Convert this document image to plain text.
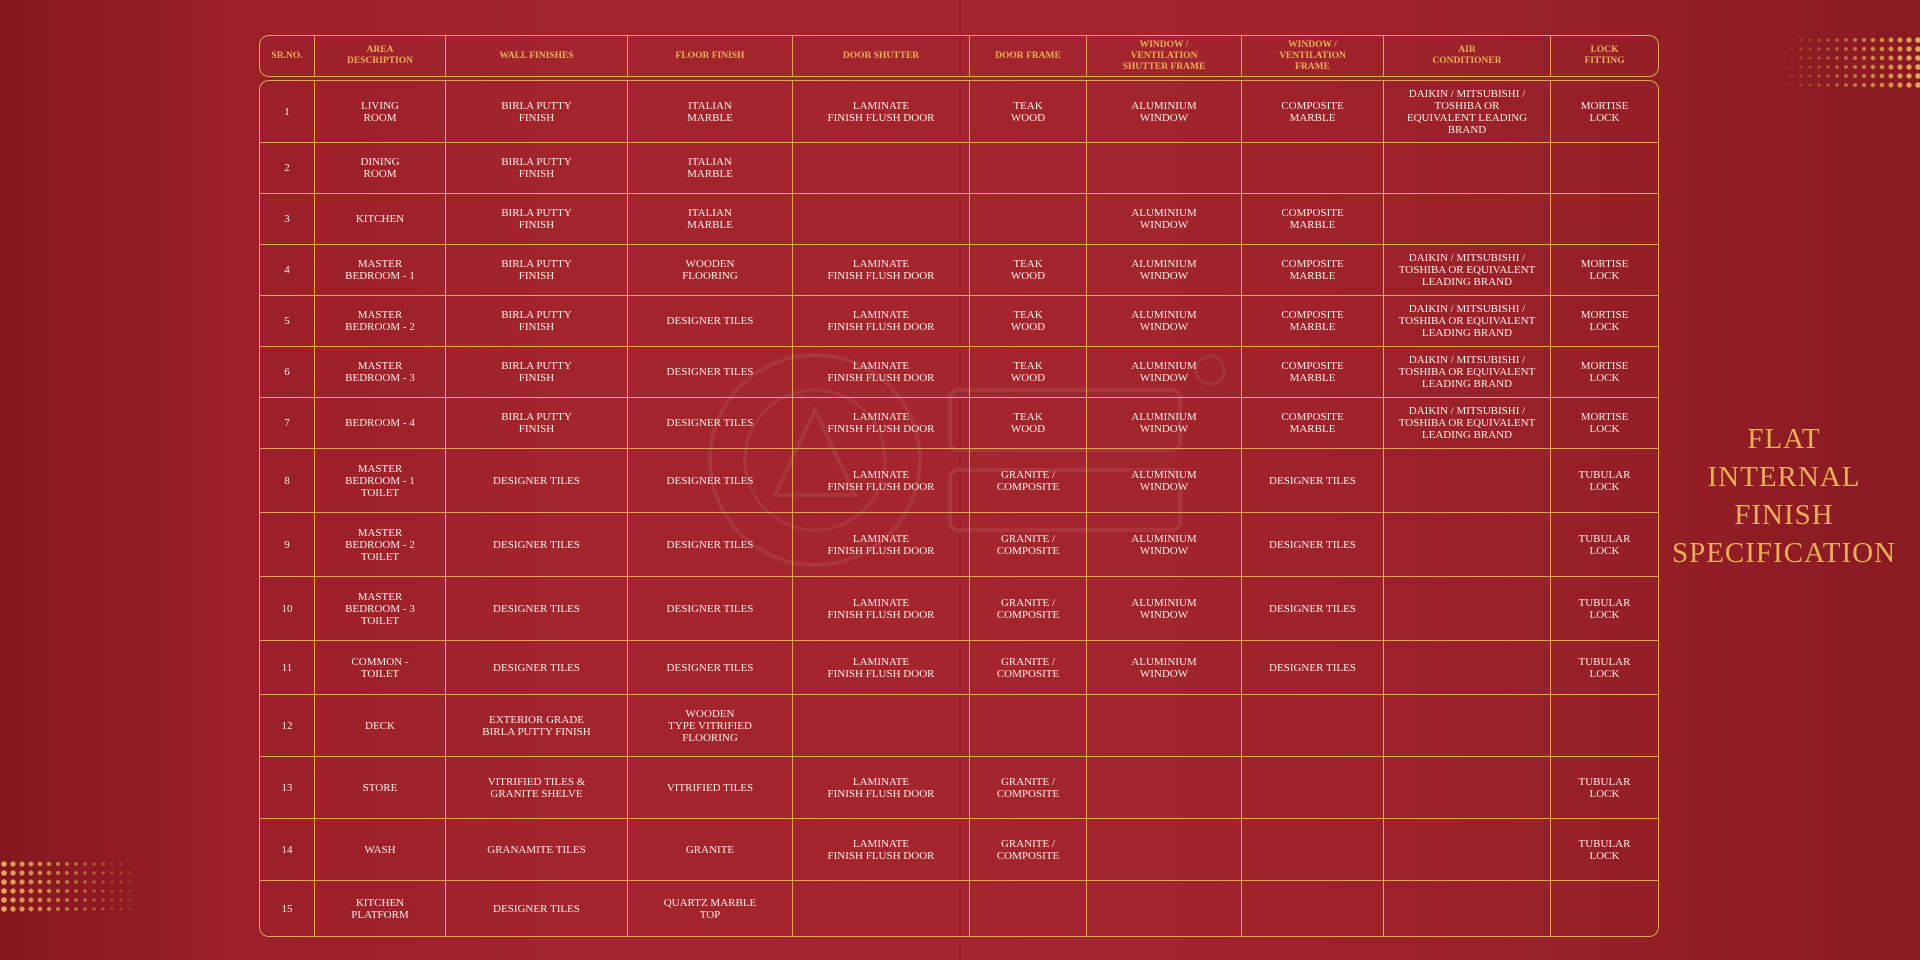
SR.NO.	AREA
DESCRIPTION	WALL FINISHES	FLOOR FINISH	DOOR SHUTTER	DOOR FRAME	WINDOW /
VENTILATION
SHUTTER FRAME	WINDOW /
VENTILATION
FRAME	AIR
CONDITIONER	LOCK
FITTING

1	LIVING
ROOM	BIRLA PUTTY
FINISH	ITALIAN
MARBLE	LAMINATE
FINISH FLUSH DOOR	TEAK
WOOD	ALUMINIUM
WINDOW	COMPOSITE
MARBLE	DAIKIN / MITSUBISHI /
TOSHIBA OR
EQUIVALENT LEADING
BRAND	MORTISE
LOCK
2	DINING
ROOM	BIRLA PUTTY
FINISH	ITALIAN
MARBLE						
3	KITCHEN	BIRLA PUTTY
FINISH	ITALIAN
MARBLE			ALUMINIUM
WINDOW	COMPOSITE
MARBLE		
4	MASTER
BEDROOM - 1	BIRLA PUTTY
FINISH	WOODEN
FLOORING	LAMINATE
FINISH FLUSH DOOR	TEAK
WOOD	ALUMINIUM
WINDOW	COMPOSITE
MARBLE	DAIKIN / MITSUBISHI /
TOSHIBA OR EQUIVALENT
LEADING BRAND	MORTISE
LOCK
5	MASTER
BEDROOM - 2	BIRLA PUTTY
FINISH	DESIGNER TILES	LAMINATE
FINISH FLUSH DOOR	TEAK
WOOD	ALUMINIUM
WINDOW	COMPOSITE
MARBLE	DAIKIN / MITSUBISHI /
TOSHIBA OR EQUIVALENT
LEADING BRAND	MORTISE
LOCK
6	MASTER
BEDROOM - 3	BIRLA PUTTY
FINISH	DESIGNER TILES	LAMINATE
FINISH FLUSH DOOR	TEAK
WOOD	ALUMINIUM
WINDOW	COMPOSITE
MARBLE	DAIKIN / MITSUBISHI /
TOSHIBA OR EQUIVALENT
LEADING BRAND	MORTISE
LOCK
7	BEDROOM - 4	BIRLA PUTTY
FINISH	DESIGNER TILES	LAMINATE
FINISH FLUSH DOOR	TEAK
WOOD	ALUMINIUM
WINDOW	COMPOSITE
MARBLE	DAIKIN / MITSUBISHI /
TOSHIBA OR EQUIVALENT
LEADING BRAND	MORTISE
LOCK
8	MASTER
BEDROOM - 1
TOILET	DESIGNER TILES	DESIGNER TILES	LAMINATE
FINISH FLUSH DOOR	GRANITE /
COMPOSITE	ALUMINIUM
WINDOW	DESIGNER TILES		TUBULAR
LOCK
9	MASTER
BEDROOM - 2
TOILET	DESIGNER TILES	DESIGNER TILES	LAMINATE
FINISH FLUSH DOOR	GRANITE /
COMPOSITE	ALUMINIUM
WINDOW	DESIGNER TILES		TUBULAR
LOCK
10	MASTER
BEDROOM - 3
TOILET	DESIGNER TILES	DESIGNER TILES	LAMINATE
FINISH FLUSH DOOR	GRANITE /
COMPOSITE	ALUMINIUM
WINDOW	DESIGNER TILES		TUBULAR
LOCK
11	COMMON -
TOILET	DESIGNER TILES	DESIGNER TILES	LAMINATE
FINISH FLUSH DOOR	GRANITE /
COMPOSITE	ALUMINIUM
WINDOW	DESIGNER TILES		TUBULAR
LOCK
12	DECK	EXTERIOR GRADE
BIRLA PUTTY FINISH	WOODEN
TYPE VITRIFIED
FLOORING						
13	STORE	VITRIFIED TILES &
GRANITE SHELVE	VITRIFIED TILES	LAMINATE
FINISH FLUSH DOOR	GRANITE /
COMPOSITE				TUBULAR
LOCK
14	WASH	GRANAMITE TILES	GRANITE	LAMINATE
FINISH FLUSH DOOR	GRANITE /
COMPOSITE				TUBULAR
LOCK
15	KITCHEN
PLATFORM	DESIGNER TILES	QUARTZ MARBLE
TOP						
FLAT
INTERNAL
FINISH
SPECIFICATION
